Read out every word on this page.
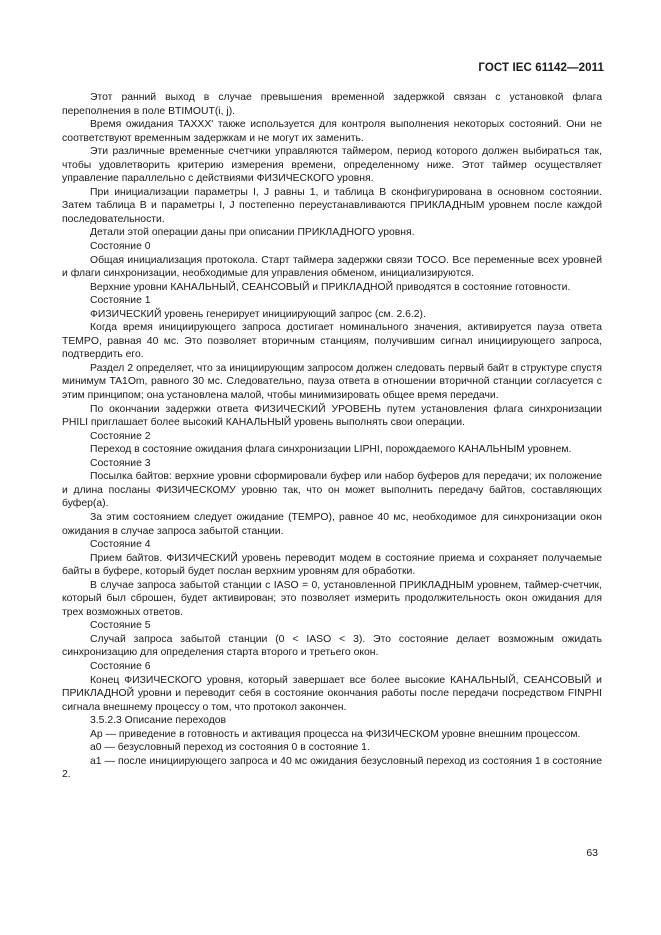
ГОСТ IEC 61142—2011

Этот ранний выход в случае превышения временной задержкой связан с установкой флага переполнения в поле BTIMOUT(i, j).

Время ожидания TAXXX' также используется для контроля выполнения некоторых состояний. Они не соответствуют временным задержкам и не могут их заменить.

Эти различные временные счетчики управляются таймером, период которого должен выбираться так, чтобы удовлетворить критерию измерения времени, определенному ниже. Этот таймер осуществляет управление параллельно с действиями ФИЗИЧЕСКОГО уровня.

При инициализации параметры I, J равны 1, и таблица B сконфигурирована в основном состоянии. Затем таблица B и параметры I, J постепенно переустанавливаются ПРИКЛАДНЫМ уровнем после каждой последовательности.

Детали этой операции даны при описании ПРИКЛАДНОГО уровня.

Состояние 0

Общая инициализация протокола. Старт таймера задержки связи TOCO. Все переменные всех уровней и флаги синхронизации, необходимые для управления обменом, инициализируются.

Верхние уровни КАНАЛЬНЫЙ, СЕАНСОВЫЙ и ПРИКЛАДНОЙ приводятся в состояние готовности.

Состояние 1

ФИЗИЧЕСКИЙ уровень генерирует инициирующий запрос (см. 2.6.2).

Когда время инициирующего запроса достигает номинального значения, активируется пауза ответа TEMPO, равная 40 мс. Это позволяет вторичным станциям, получившим сигнал инициирующего запроса, подтвердить его.

Раздел 2 определяет, что за инициирующим запросом должен следовать первый байт в структуре спустя минимум TA1Om, равного 30 мс. Следовательно, пауза ответа в отношении вторичной станции согласуется с этим принципом; она установлена малой, чтобы минимизировать общее время передачи.

По окончании задержки ответа ФИЗИЧЕСКИЙ УРОВЕНЬ путем установления флага синхронизации PHILI приглашает более высокий КАНАЛЬНЫЙ уровень выполнять свои операции.

Состояние 2

Переход в состояние ожидания флага синхронизации LIPHI, порождаемого КАНАЛЬНЫМ уровнем.

Состояние 3

Посылка байтов: верхние уровни сформировали буфер или набор буферов для передачи; их положение и длина посланы ФИЗИЧЕСКОМУ уровню так, что он может выполнить передачу байтов, составляющих буфер(а).

За этим состоянием следует ожидание (TEMPO), равное 40 мс, необходимое для синхронизации окон ожидания в случае запроса забытой станции.

Состояние 4

Прием байтов. ФИЗИЧЕСКИЙ уровень переводит модем в состояние приема и сохраняет получаемые байты в буфере, который будет послан верхним уровням для обработки.

В случае запроса забытой станции с IASO = 0, установленной ПРИКЛАДНЫМ уровнем, таймер-счетчик, который был сброшен, будет активирован; это позволяет измерить продолжительность окон ожидания для трех возможных ответов.

Состояние 5

Случай запроса забытой станции (0 < IASO < 3). Это состояние делает возможным ожидать синхронизацию для определения старта второго и третьего окон.

Состояние 6

Конец ФИЗИЧЕСКОГО уровня, который завершает все более высокие КАНАЛЬНЫЙ, СЕАНСОВЫЙ и ПРИКЛАДНОЙ уровни и переводит себя в состояние окончания работы после передачи посредством FINPHI сигнала внешнему процессу о том, что протокол закончен.

3.5.2.3 Описание переходов

Ар — приведение в готовность и активация процесса на ФИЗИЧЕСКОМ уровне внешним процессом.

а0 — безусловный переход из состояния 0 в состояние 1.

а1 — после инициирующего запроса и 40 мс ожидания безусловный переход из состояния 1 в состояние 2.

63
